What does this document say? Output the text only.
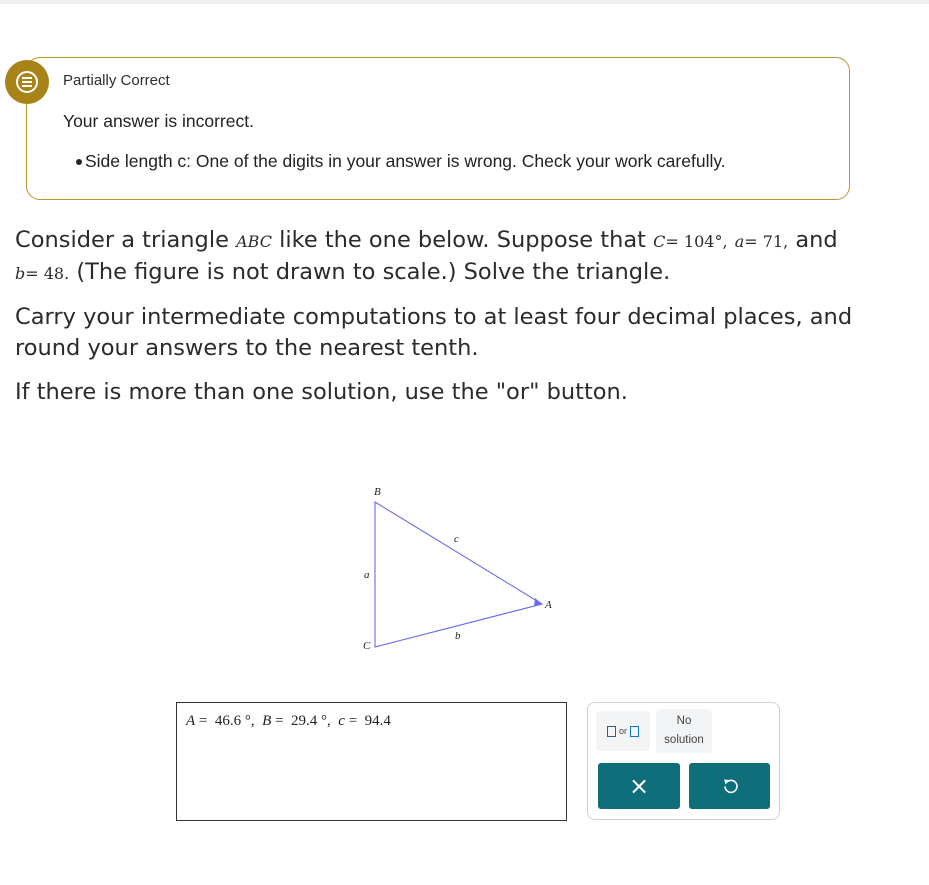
Partially Correct
Your answer is incorrect.
Side length c: One of the digits in your answer is wrong. Check your work carefully.
Consider a triangle ABC like the one below. Suppose that C= 104°, a= 71, and
b= 48. (The figure is not drawn to scale.) Solve the triangle.
Carry your intermediate computations to at least four decimal places, and round your answers to the nearest tenth.
If there is more than one solution, use the "or" button.
B
c
a
A
b
C
A =  46.6 °,  B =  29.4 °,  c =  94.4
or
No
solution
×
